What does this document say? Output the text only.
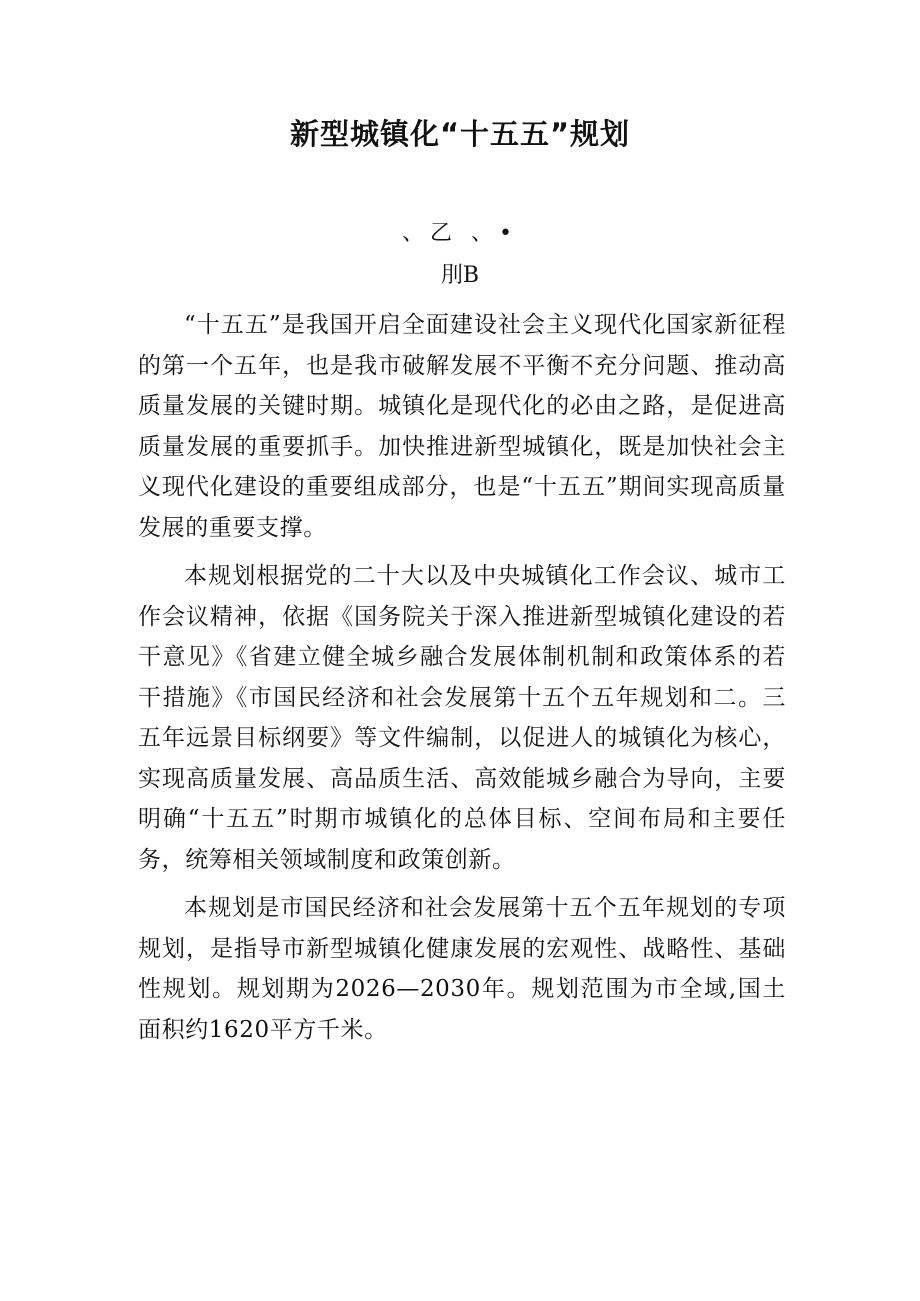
新型城镇化“十五五”规划

、乙 、•

刖B

“十五五”是我国开启全面建设社会主义现代化国家新征程的第一个五年，也是我市破解发展不平衡不充分问题、推动高质量发展的关键时期。城镇化是现代化的必由之路，是促进高质量发展的重要抓手。加快推进新型城镇化，既是加快社会主义现代化建设的重要组成部分，也是“十五五”期间实现高质量发展的重要支撑。

本规划根据党的二十大以及中央城镇化工作会议、城市工作会议精神，依据《国务院关于深入推进新型城镇化建设的若干意见》《省建立健全城乡融合发展体制机制和政策体系的若干措施》《市国民经济和社会发展第十五个五年规划和二。三五年远景目标纲要》等文件编制，以促进人的城镇化为核心，实现高质量发展、高品质生活、高效能城乡融合为导向，主要明确“十五五”时期市城镇化的总体目标、空间布局和主要任务，统筹相关领域制度和政策创新。

本规划是市国民经济和社会发展第十五个五年规划的专项规划，是指导市新型城镇化健康发展的宏观性、战略性、基础性规划。规划期为2026—2030年。规划范围为市全域,国土面积约1620平方千米。
